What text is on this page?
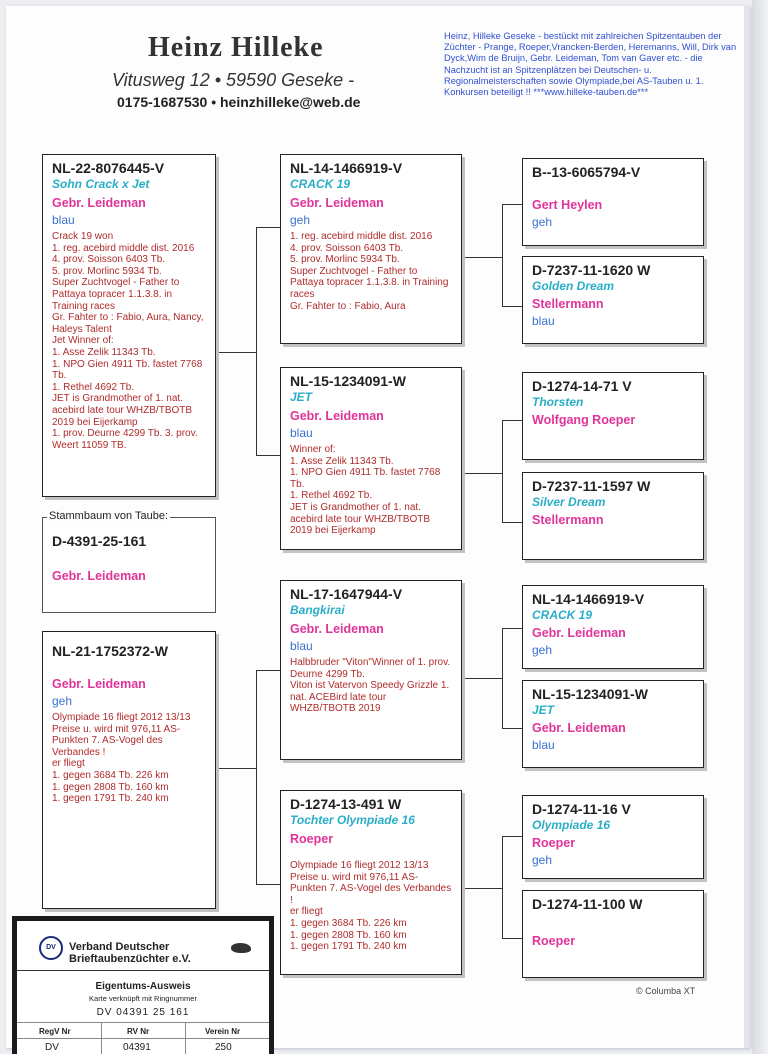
Heinz Hilleke
Vitusweg 12 • 59590 Geseke -
0175-1687530 • heinzhilleke@web.de
Heinz, Hilleke Geseke - bestückt mit zahlreichen Spitzentauben der Züchter - Prange, Roeper,Vrancken-Berden, Heremanns, Will, Dirk van Dyck,Wim de Bruijn, Gebr. Leideman, Tom van Gaver etc. - die Nachzucht ist an Spitzenplätzen bei Deutschen- u. Regionalmeisterschaften sowie Olympiade,bei AS-Tauben u. 1. Konkursen beteiligt !! ***www.hilleke-tauben.de***
NL-22-8076445-V
Sohn Crack x Jet
Gebr. Leideman
blau
Crack 19 won
1. reg. acebird middle dist. 2016
4. prov. Soisson 6403 Tb.
5. prov. Morlinc 5934 Tb.
Super Zuchtvogel - Father to Pattaya topracer 1.1.3.8. in Training races
Gr. Fahter to : Fabio, Aura, Nancy, Haleys Talent
Jet Winner of:
1. Asse Zelik 11343 Tb.
1. NPO Gien 4911 Tb. fastet 7768 Tb.
1. Rethel 4692 Tb.
JET is Grandmother of 1. nat. acebird late tour WHZB/TBOTB 2019 bei Eijerkamp
1. prov. Deurne 4299 Tb. 3. prov. Weert 11059 TB.
D-4391-25-161
Gebr. Leideman
Stammbaum von Taube:
NL-21-1752372-W
Gebr. Leideman
geh
Olympiade 16 fliegt 2012 13/13 Preise u. wird mit 976,11 AS-Punkten 7. AS-Vogel des Verbandes !
er fliegt
1. gegen 3684 Tb. 226 km
1. gegen 2808 Tb. 160 km
1. gegen 1791 Tb. 240 km
NL-14-1466919-V
CRACK 19
Gebr. Leideman
geh
1. reg. acebird middle dist. 2016
4. prov. Soisson 6403 Tb.
5. prov. Morlinc 5934 Tb.
Super Zuchtvogel - Father to Pattaya topracer 1.1.3.8. in Training races
Gr. Fahter to : Fabio, Aura
NL-15-1234091-W
JET
Gebr. Leideman
blau
Winner of:
1. Asse Zelik 11343 Tb.
1. NPO Gien 4911 Tb. fastet 7768 Tb.
1. Rethel 4692 Tb.
JET is Grandmother of 1. nat. acebird late tour WHZB/TBOTB 2019 bei Eijerkamp
NL-17-1647944-V
Bangkirai
Gebr. Leideman
blau
Halbbruder "Viton"Winner of 1. prov. Deurne 4299 Tb.
Viton ist Vatervon Speedy Grizzle 1. nat. ACEBird late tour WHZB/TBOTB 2019
D-1274-13-491 W
Tochter Olympiade 16
Roeper
Olympiade 16 fliegt 2012 13/13 Preise u. wird mit 976,11 AS-Punkten 7. AS-Vogel des Verbandes !
er fliegt
1. gegen 3684 Tb. 226 km
1. gegen 2808 Tb. 160 km
1. gegen 1791 Tb. 240 km
B--13-6065794-V
Gert Heylen
geh
D-7237-11-1620 W
Golden Dream
Stellermann
blau
D-1274-14-71 V
Thorsten
Wolfgang Roeper
D-7237-11-1597 W
Silver Dream
Stellermann
NL-14-1466919-V
CRACK 19
Gebr. Leideman
geh
NL-15-1234091-W
JET
Gebr. Leideman
blau
D-1274-11-16 V
Olympiade 16
Roeper
geh
D-1274-11-100 W
Roeper
© Columba XT
DV	Verband Deutscher
Brieftaubenzüchter e.V.
Eigentums-Ausweis
Karte verknüpft mit Ringnummer
DV 04391 25 161
RegV Nr	RV Nr	Verein Nr
DV	04391	250
